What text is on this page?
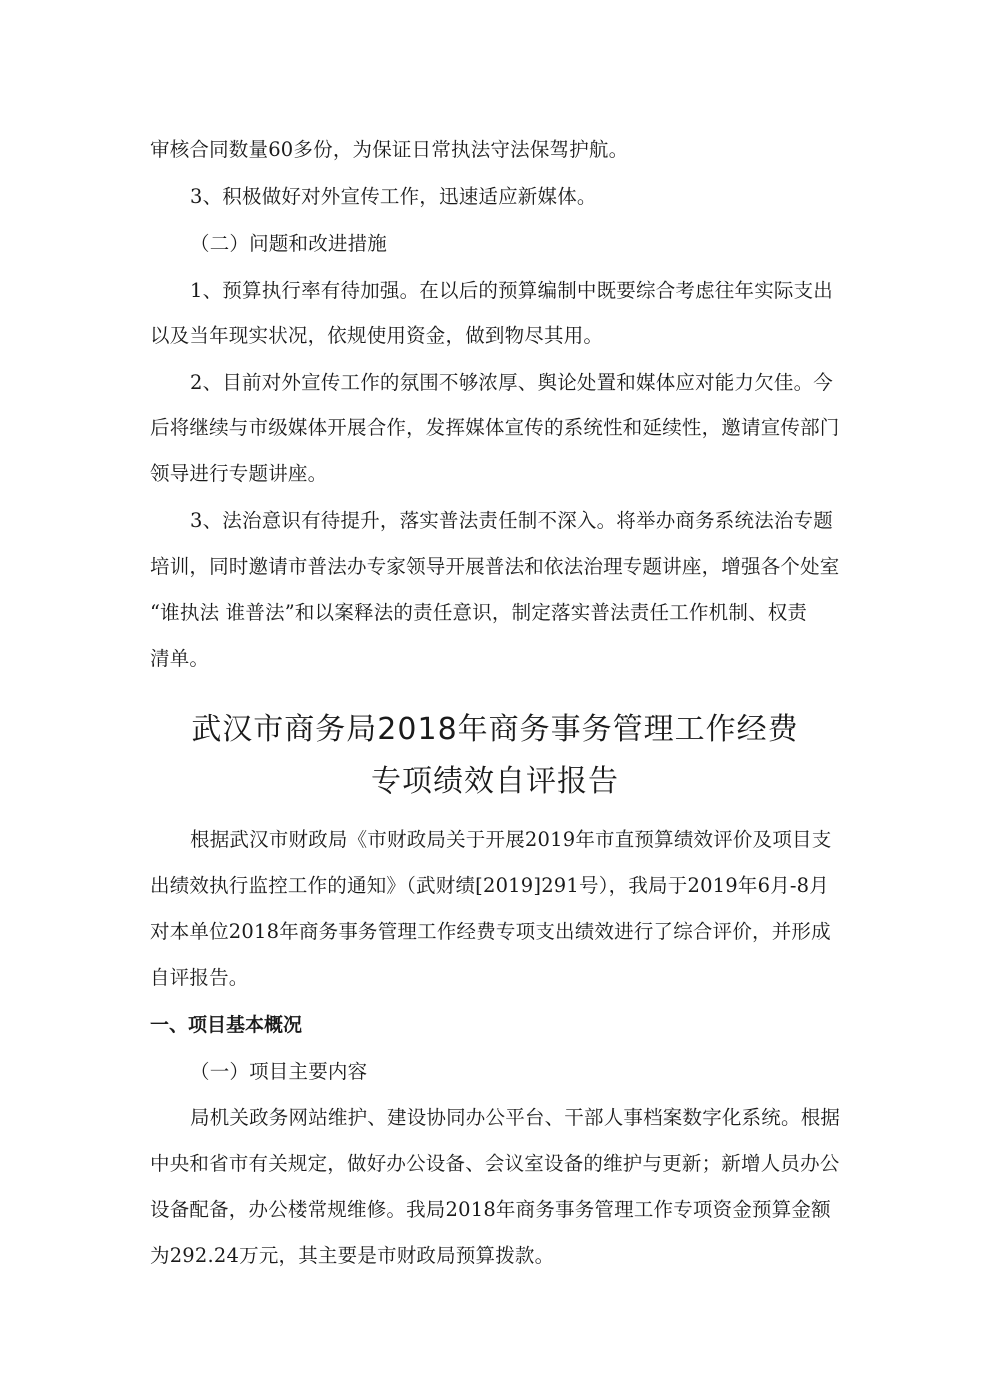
审核合同数量60多份，为保证日常执法守法保驾护航。
3、积极做好对外宣传工作，迅速适应新媒体。
（二）问题和改进措施
1、预算执行率有待加强。在以后的预算编制中既要综合考虑往年实际支出
以及当年现实状况，依规使用资金，做到物尽其用。
2、目前对外宣传工作的氛围不够浓厚、舆论处置和媒体应对能力欠佳。今
后将继续与市级媒体开展合作，发挥媒体宣传的系统性和延续性，邀请宣传部门
领导进行专题讲座。
3、法治意识有待提升，落实普法责任制不深入。将举办商务系统法治专题
培训，同时邀请市普法办专家领导开展普法和依法治理专题讲座，增强各个处室
“谁执法 谁普法”和以案释法的责任意识，制定落实普法责任工作机制、权责
清单。
武汉市商务局2018年商务事务管理工作经费
专项绩效自评报告
根据武汉市财政局《市财政局关于开展2019年市直预算绩效评价及项目支
出绩效执行监控工作的通知》（武财绩[2019]291号），我局于2019年6月-8月
对本单位2018年商务事务管理工作经费专项支出绩效进行了综合评价，并形成
自评报告。
一、项目基本概况
（一）项目主要内容
局机关政务网站维护、建设协同办公平台、干部人事档案数字化系统。根据
中央和省市有关规定，做好办公设备、会议室设备的维护与更新；新增人员办公
设备配备，办公楼常规维修。我局2018年商务事务管理工作专项资金预算金额
为292.24万元，其主要是市财政局预算拨款。
